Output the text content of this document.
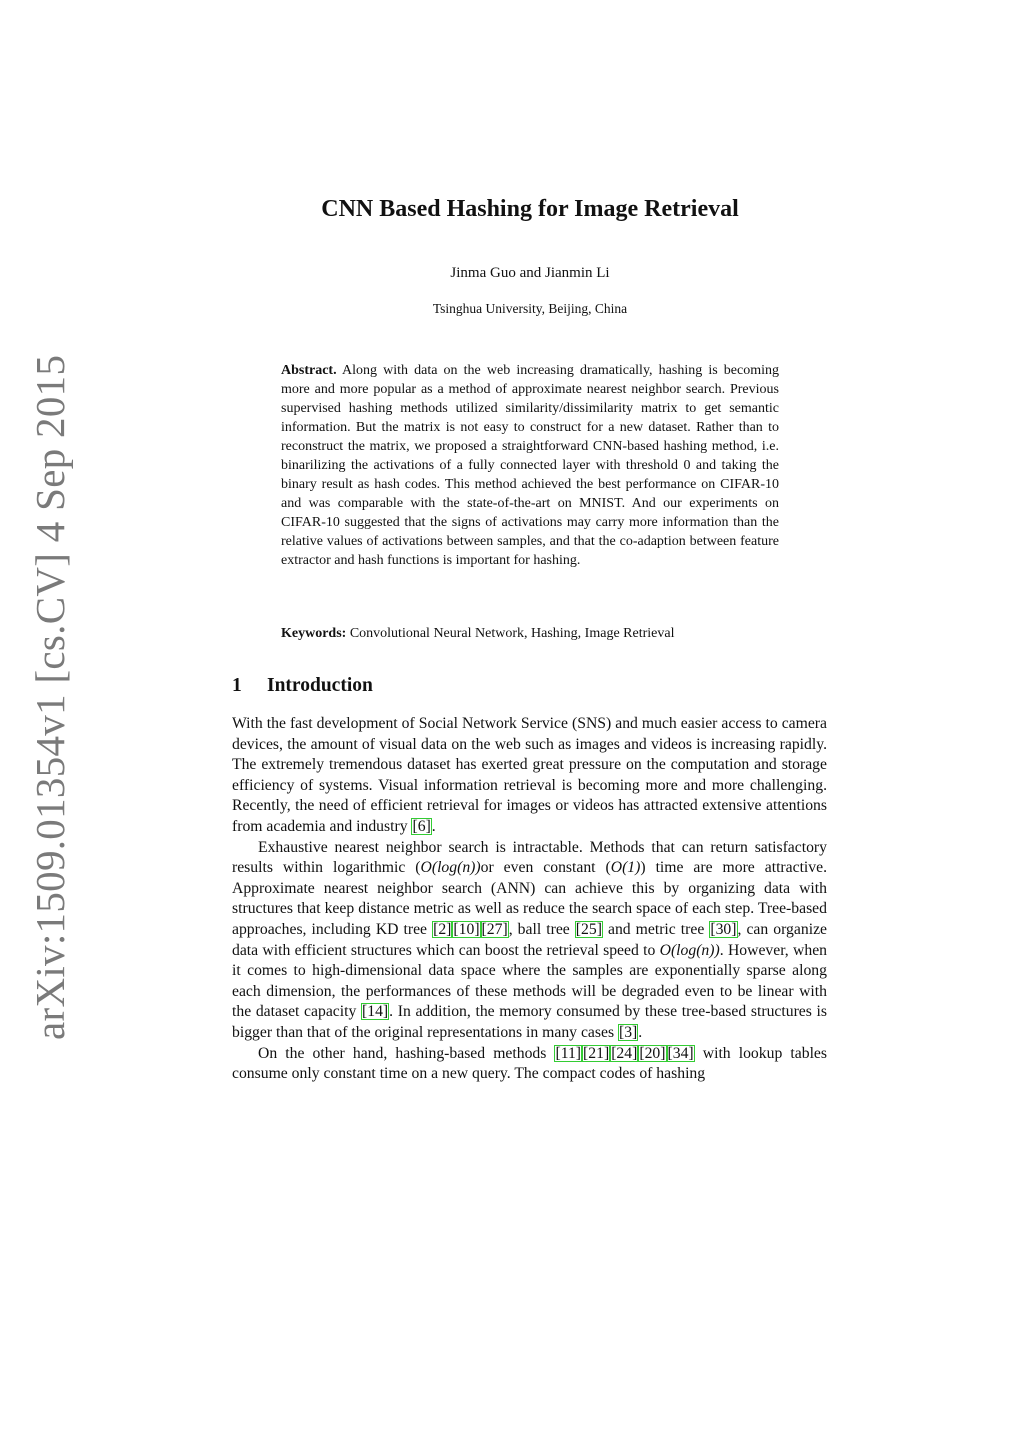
arXiv:1509.01354v1 [cs.CV] 4 Sep 2015
CNN Based Hashing for Image Retrieval
Jinma Guo and Jianmin Li
Tsinghua University, Beijing, China
Abstract. Along with data on the web increasing dramatically, hashing is becoming more and more popular as a method of approximate nearest neighbor search. Previous supervised hashing methods utilized similarity/dissimilarity matrix to get semantic information. But the matrix is not easy to construct for a new dataset. Rather than to reconstruct the matrix, we proposed a straightforward CNN-based hashing method, i.e. binarilizing the activations of a fully connected layer with threshold 0 and taking the binary result as hash codes. This method achieved the best performance on CIFAR-10 and was comparable with the state-of-the-art on MNIST. And our experiments on CIFAR-10 suggested that the signs of activations may carry more information than the relative values of activations between samples, and that the co-adaption between feature extractor and hash functions is important for hashing.
Keywords: Convolutional Neural Network, Hashing, Image Retrieval
1 Introduction

With the fast development of Social Network Service (SNS) and much easier access to camera devices, the amount of visual data on the web such as images and videos is increasing rapidly. The extremely tremendous dataset has exerted great pressure on the computation and storage efficiency of systems. Visual information retrieval is becoming more and more challenging. Recently, the need of efficient retrieval for images or videos has attracted extensive attentions from academia and industry [6].

Exhaustive nearest neighbor search is intractable. Methods that can return satisfactory results within logarithmic (O(log(n))or even constant (O(1)) time are more attractive. Approximate nearest neighbor search (ANN) can achieve this by organizing data with structures that keep distance metric as well as reduce the search space of each step. Tree-based approaches, including KD tree [2] [10] [27], ball tree [25] and metric tree [30], can organize data with efficient structures which can boost the retrieval speed to O(log(n)). However, when it comes to high-dimensional data space where the samples are exponentially sparse along each dimension, the performances of these methods will be degraded even to be linear with the dataset capacity [14]. In addition, the memory consumed by these tree-based structures is bigger than that of the original representations in many cases [3].

On the other hand, hashing-based methods [11] [21] [24] [20] [34] with lookup tables consume only constant time on a new query. The compact codes of hashing
